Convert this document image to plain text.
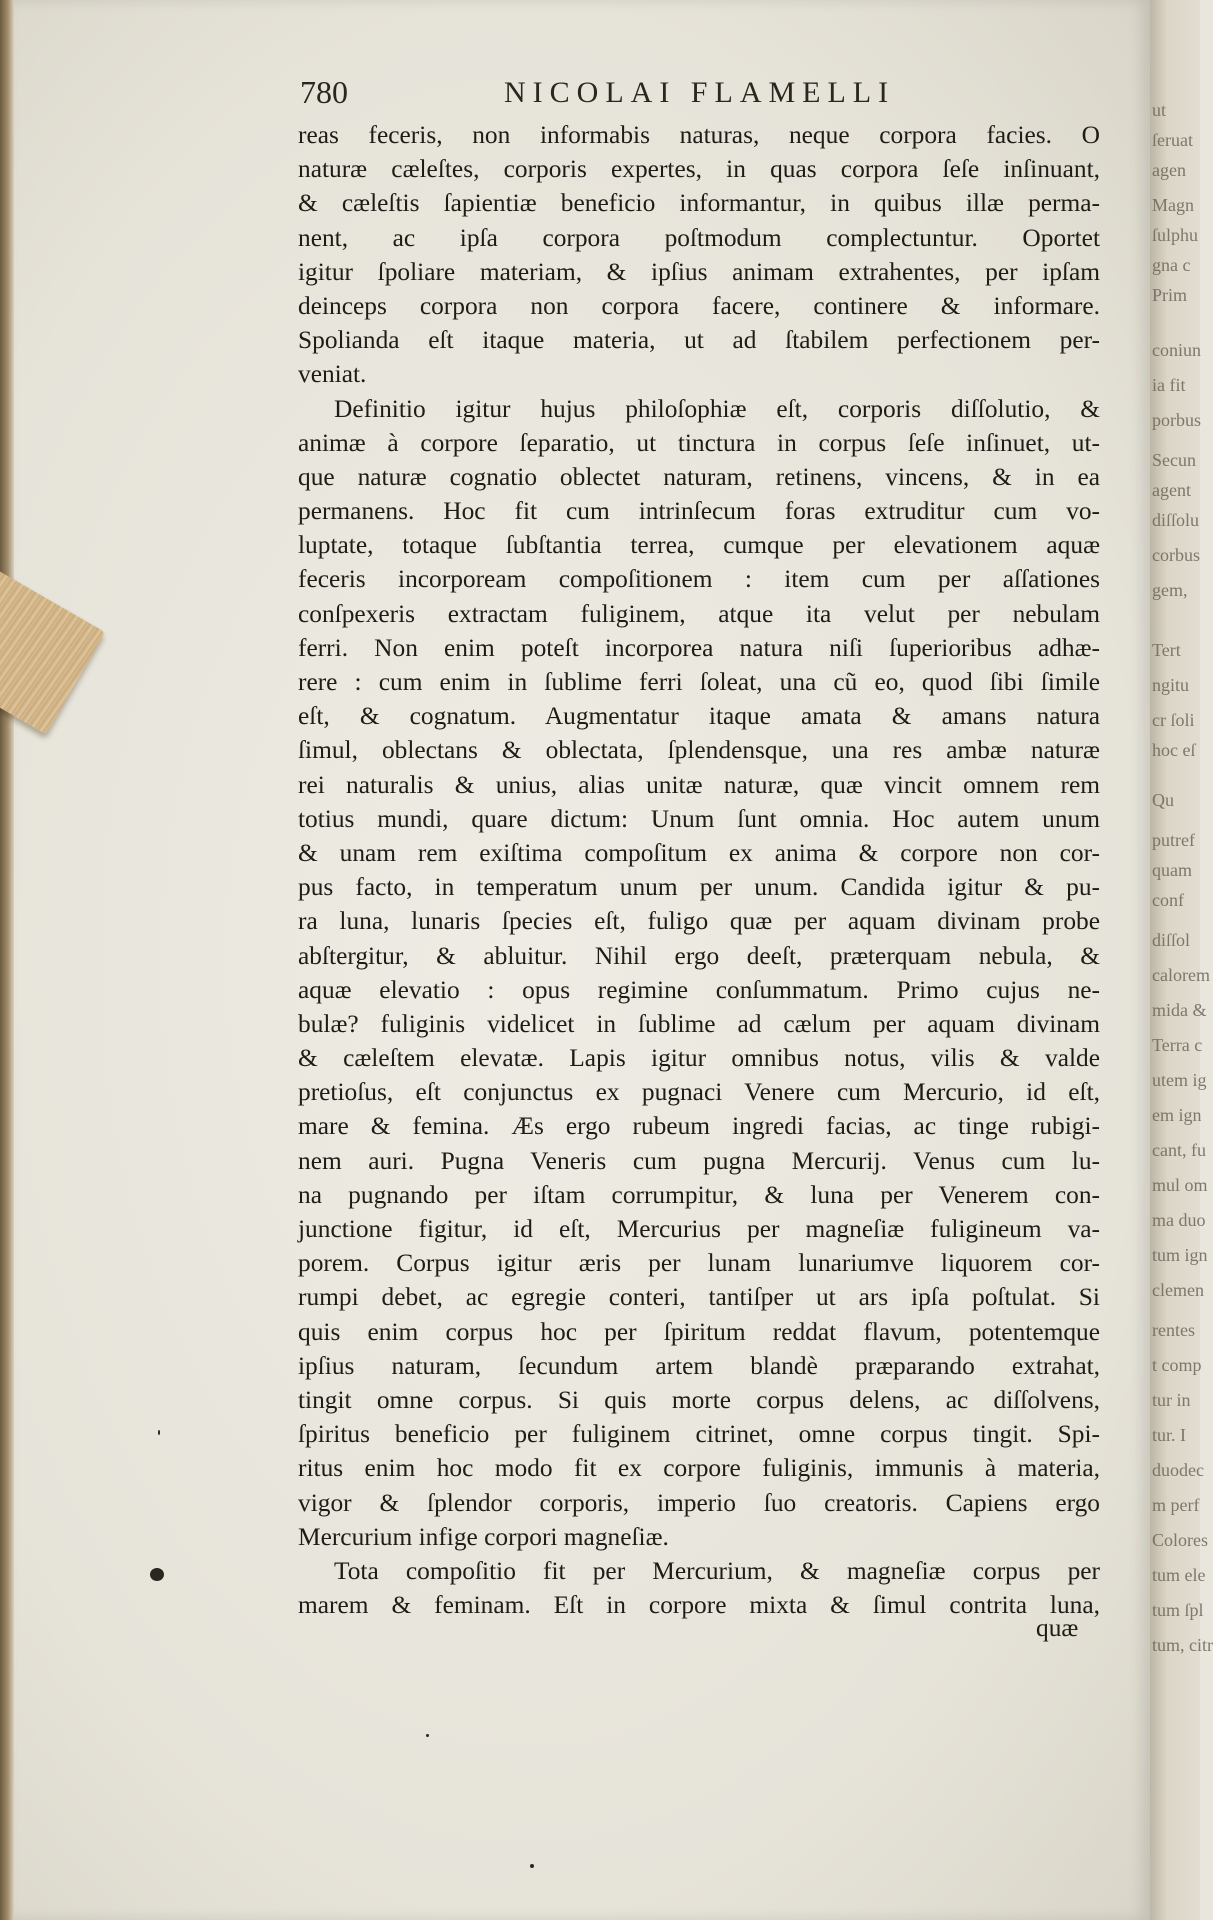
ut
ſeruat
agen
Magn
ſulphu
gna c
Prim
coniun
ia fit
porbus
Secun
agent
diſſolu
corbus
gem,
Tert
ngitu
cr ſoli
hoc eſ
Qu
putref
quam
conf
diſſol
calorem
mida &
Terra c
utem ig
em ign
cant, fu
mul om
ma duo
tum ign
clemen
rentes
t comp
tur in
tur. I
duodec
m perf
Colores
tum ele
tum ſpl
tum, citr
780	NICOLAI FLAMELLI
reas feceris, non informabis naturas, neque corpora facies. O
naturæ cæleſtes, corporis expertes, in quas corpora ſeſe inſinuant,
& cæleſtis ſapientiæ beneficio informantur, in quibus illæ perma-
nent, ac ipſa corpora poſtmodum complectuntur. Oportet
igitur ſpoliare materiam, & ipſius animam extrahentes, per ipſam
deinceps corpora non corpora facere, continere & informare.
Spolianda eſt itaque materia, ut ad ſtabilem perfectionem per-
veniat.
Definitio igitur hujus philoſophiæ eſt, corporis diſſolutio, &
animæ à corpore ſeparatio, ut tinctura in corpus ſeſe inſinuet, ut-
que naturæ cognatio oblectet naturam, retinens, vincens, & in ea
permanens. Hoc fit cum intrinſecum foras extruditur cum vo-
luptate, totaque ſubſtantia terrea, cumque per elevationem aquæ
feceris incorpoream compoſitionem : item cum per aſſationes
conſpexeris extractam fuliginem, atque ita velut per nebulam
ferri. Non enim poteſt incorporea natura niſi ſuperioribus adhæ-
rere : cum enim in ſublime ferri ſoleat, una cũ eo, quod ſibi ſimile
eſt, & cognatum. Augmentatur itaque amata & amans natura
ſimul, oblectans & oblectata, ſplendensque, una res ambæ naturæ
rei naturalis & unius, alias unitæ naturæ, quæ vincit omnem rem
totius mundi, quare dictum: Unum ſunt omnia. Hoc autem unum
& unam rem exiſtima compoſitum ex anima & corpore non cor-
pus facto, in temperatum unum per unum. Candida igitur & pu-
ra luna, lunaris ſpecies eſt, fuligo quæ per aquam divinam probe
abſtergitur, & abluitur. Nihil ergo deeſt, præterquam nebula, &
aquæ elevatio : opus regimine conſummatum. Primo cujus ne-
bulæ? fuliginis videlicet in ſublime ad cælum per aquam divinam
& cæleſtem elevatæ. Lapis igitur omnibus notus, vilis & valde
pretioſus, eſt conjunctus ex pugnaci Venere cum Mercurio, id eſt,
mare & femina. Æs ergo rubeum ingredi facias, ac tinge rubigi-
nem auri. Pugna Veneris cum pugna Mercurij. Venus cum lu-
na pugnando per iſtam corrumpitur, & luna per Venerem con-
junctione figitur, id eſt, Mercurius per magneſiæ fuligineum va-
porem. Corpus igitur æris per lunam lunariumve liquorem cor-
rumpi debet, ac egregie conteri, tantiſper ut ars ipſa poſtulat. Si
quis enim corpus hoc per ſpiritum reddat flavum, potentemque
ipſius naturam, ſecundum artem blandè præparando extrahat,
tingit omne corpus. Si quis morte corpus delens, ac diſſolvens,
ſpiritus beneficio per fuliginem citrinet, omne corpus tingit. Spi-
ritus enim hoc modo fit ex corpore fuliginis, immunis à materia,
vigor & ſplendor corporis, imperio ſuo creatoris. Capiens ergo
Mercurium infige corpori magneſiæ.
Tota compoſitio fit per Mercurium, & magneſiæ corpus per
marem & feminam. Eſt in corpore mixta & ſimul contrita luna,
quæ
